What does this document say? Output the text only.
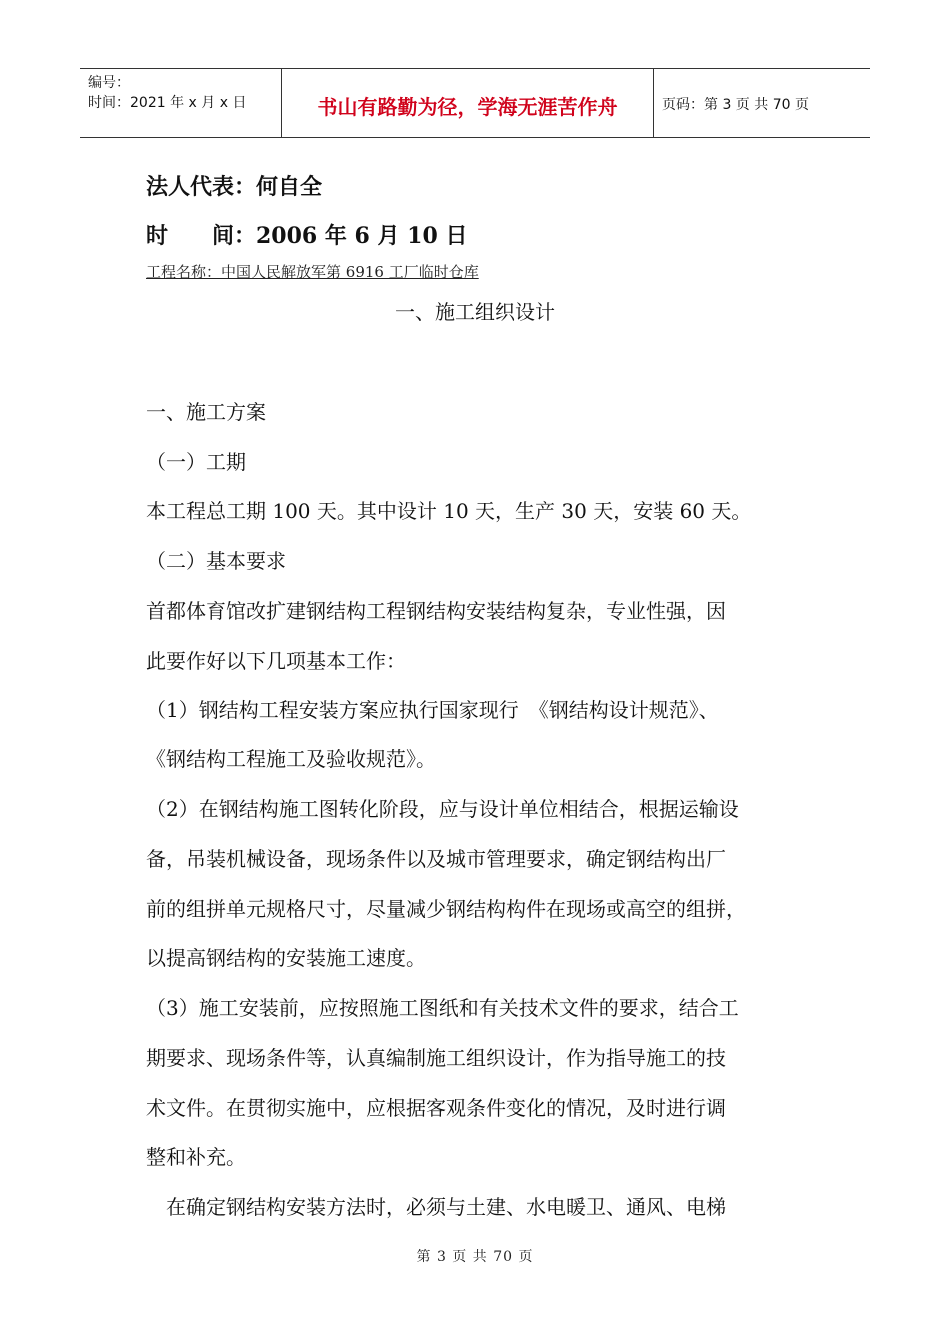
编号：
时间：2021 年 x 月 x 日	书山有路勤为径，学海无涯苦作舟	页码：第 3 页 共 70 页
法人代表：何自全
时　　间：2006 年 6 月 10 日
工程名称：中国人民解放军第 6916 工厂临时仓库
一、施工组织设计
一、施工方案
（一）工期
本工程总工期 100 天。其中设计 10 天，生产 30 天，安装 60 天。
（二）基本要求
首都体育馆改扩建钢结构工程钢结构安装结构复杂，专业性强，因
此要作好以下几项基本工作：
（1）钢结构工程安装方案应执行国家现行　《钢结构设计规范》、
《钢结构工程施工及验收规范》。
（2）在钢结构施工图转化阶段，应与设计单位相结合，根据运输设
备，吊装机械设备，现场条件以及城市管理要求，确定钢结构出厂
前的组拼单元规格尺寸，尽量减少钢结构构件在现场或高空的组拼，
以提高钢结构的安装施工速度。
（3）施工安装前，应按照施工图纸和有关技术文件的要求，结合工
期要求、现场条件等，认真编制施工组织设计，作为指导施工的技
术文件。在贯彻实施中，应根据客观条件变化的情况，及时进行调
整和补充。
　在确定钢结构安装方法时，必须与土建、水电暖卫、通风、电梯
第 3 页 共 70 页
